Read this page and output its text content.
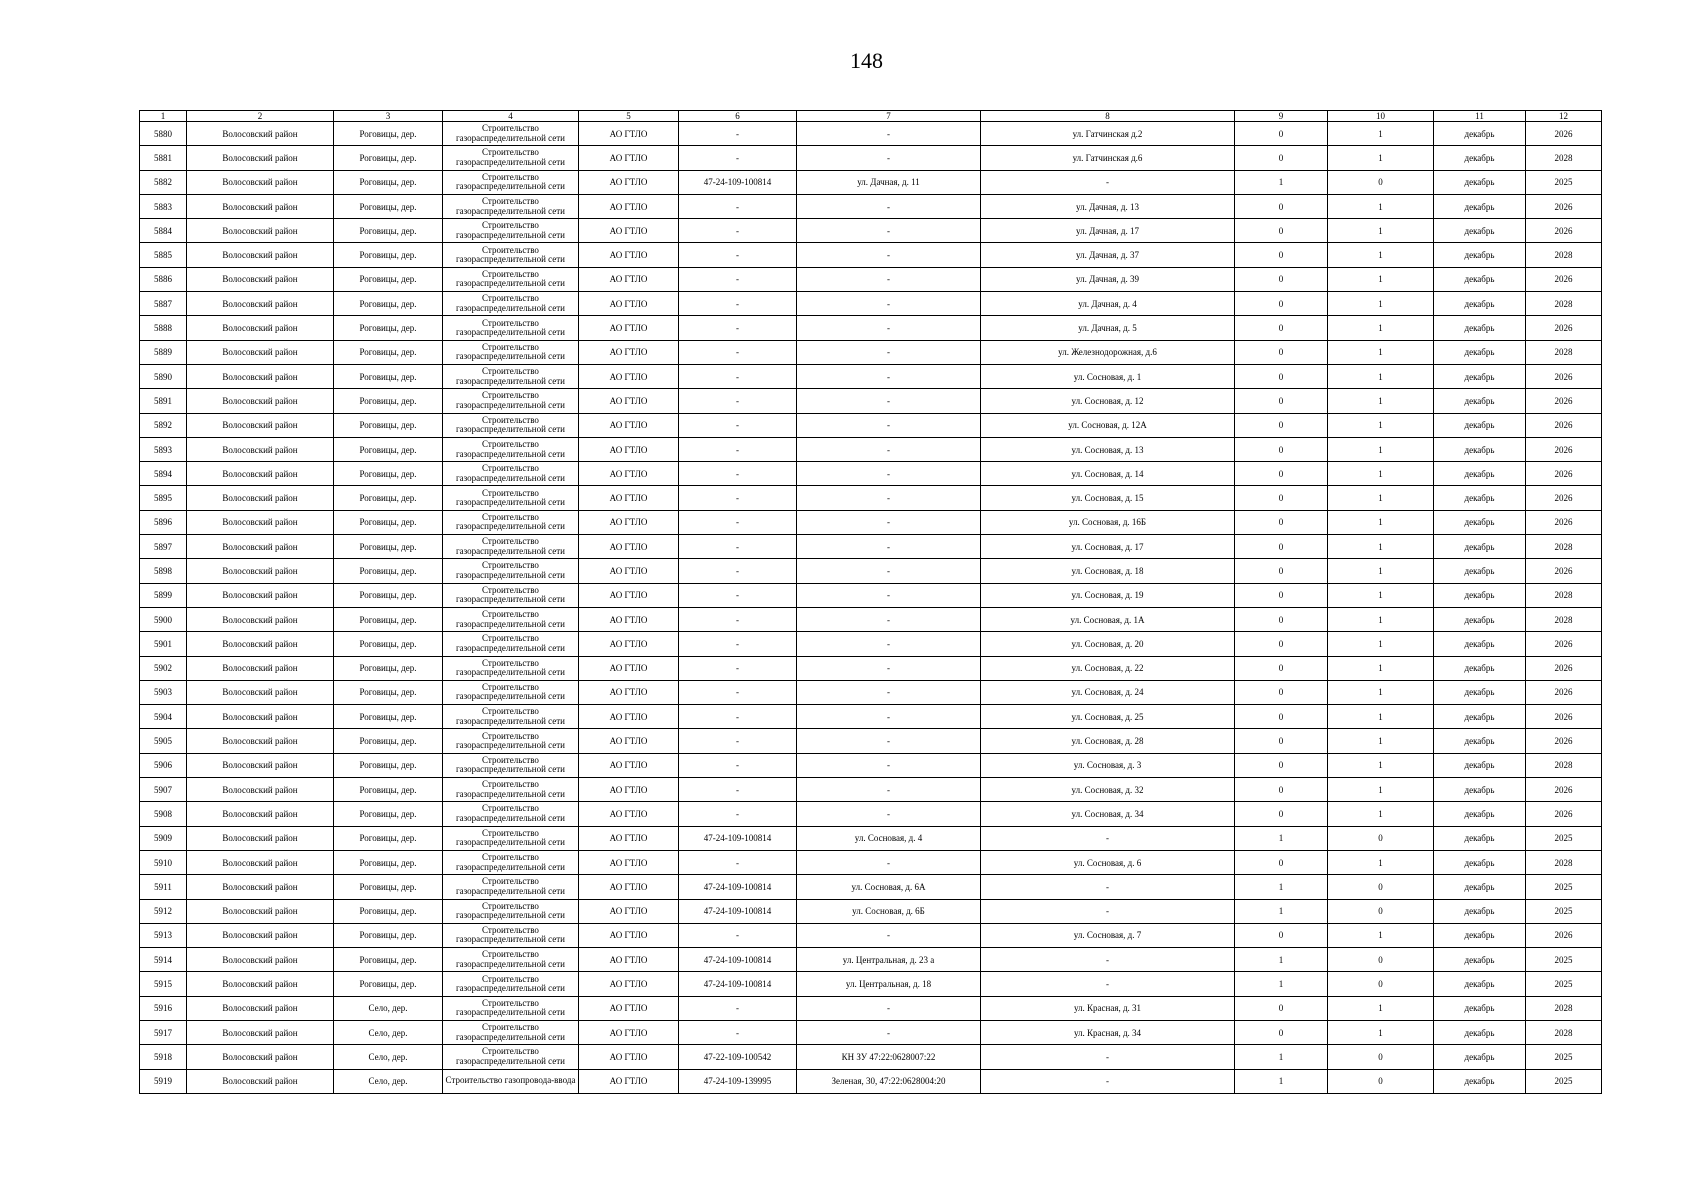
148
1	2	3	4	5	6	7	8	9	10	11	12
5880	Волосовский район	Роговицы, дер.	Строительство газораспределительной сети	АО ГТЛО	-	-	ул. Гатчинская д.2	0	1	декабрь	2026
5881	Волосовский район	Роговицы, дер.	Строительство газораспределительной сети	АО ГТЛО	-	-	ул. Гатчинская д.6	0	1	декабрь	2028
5882	Волосовский район	Роговицы, дер.	Строительство газораспределительной сети	АО ГТЛО	47-24-109-100814	ул. Дачная, д. 11	-	1	0	декабрь	2025
5883	Волосовский район	Роговицы, дер.	Строительство газораспределительной сети	АО ГТЛО	-	-	ул. Дачная, д. 13	0	1	декабрь	2026
5884	Волосовский район	Роговицы, дер.	Строительство газораспределительной сети	АО ГТЛО	-	-	ул. Дачная, д. 17	0	1	декабрь	2026
5885	Волосовский район	Роговицы, дер.	Строительство газораспределительной сети	АО ГТЛО	-	-	ул. Дачная, д. 37	0	1	декабрь	2028
5886	Волосовский район	Роговицы, дер.	Строительство газораспределительной сети	АО ГТЛО	-	-	ул. Дачная, д. 39	0	1	декабрь	2026
5887	Волосовский район	Роговицы, дер.	Строительство газораспределительной сети	АО ГТЛО	-	-	ул. Дачная, д. 4	0	1	декабрь	2028
5888	Волосовский район	Роговицы, дер.	Строительство газораспределительной сети	АО ГТЛО	-	-	ул. Дачная, д. 5	0	1	декабрь	2026
5889	Волосовский район	Роговицы, дер.	Строительство газораспределительной сети	АО ГТЛО	-	-	ул. Железнодорожная, д.6	0	1	декабрь	2028
5890	Волосовский район	Роговицы, дер.	Строительство газораспределительной сети	АО ГТЛО	-	-	ул. Сосновая, д. 1	0	1	декабрь	2026
5891	Волосовский район	Роговицы, дер.	Строительство газораспределительной сети	АО ГТЛО	-	-	ул. Сосновая, д. 12	0	1	декабрь	2026
5892	Волосовский район	Роговицы, дер.	Строительство газораспределительной сети	АО ГТЛО	-	-	ул. Сосновая, д. 12А	0	1	декабрь	2026
5893	Волосовский район	Роговицы, дер.	Строительство газораспределительной сети	АО ГТЛО	-	-	ул. Сосновая, д. 13	0	1	декабрь	2026
5894	Волосовский район	Роговицы, дер.	Строительство газораспределительной сети	АО ГТЛО	-	-	ул. Сосновая, д. 14	0	1	декабрь	2026
5895	Волосовский район	Роговицы, дер.	Строительство газораспределительной сети	АО ГТЛО	-	-	ул. Сосновая, д. 15	0	1	декабрь	2026
5896	Волосовский район	Роговицы, дер.	Строительство газораспределительной сети	АО ГТЛО	-	-	ул. Сосновая, д. 16Б	0	1	декабрь	2026
5897	Волосовский район	Роговицы, дер.	Строительство газораспределительной сети	АО ГТЛО	-	-	ул. Сосновая, д. 17	0	1	декабрь	2028
5898	Волосовский район	Роговицы, дер.	Строительство газораспределительной сети	АО ГТЛО	-	-	ул. Сосновая, д. 18	0	1	декабрь	2026
5899	Волосовский район	Роговицы, дер.	Строительство газораспределительной сети	АО ГТЛО	-	-	ул. Сосновая, д. 19	0	1	декабрь	2028
5900	Волосовский район	Роговицы, дер.	Строительство газораспределительной сети	АО ГТЛО	-	-	ул. Сосновая, д. 1А	0	1	декабрь	2028
5901	Волосовский район	Роговицы, дер.	Строительство газораспределительной сети	АО ГТЛО	-	-	ул. Сосновая, д. 20	0	1	декабрь	2026
5902	Волосовский район	Роговицы, дер.	Строительство газораспределительной сети	АО ГТЛО	-	-	ул. Сосновая, д. 22	0	1	декабрь	2026
5903	Волосовский район	Роговицы, дер.	Строительство газораспределительной сети	АО ГТЛО	-	-	ул. Сосновая, д. 24	0	1	декабрь	2026
5904	Волосовский район	Роговицы, дер.	Строительство газораспределительной сети	АО ГТЛО	-	-	ул. Сосновая, д. 25	0	1	декабрь	2026
5905	Волосовский район	Роговицы, дер.	Строительство газораспределительной сети	АО ГТЛО	-	-	ул. Сосновая, д. 28	0	1	декабрь	2026
5906	Волосовский район	Роговицы, дер.	Строительство газораспределительной сети	АО ГТЛО	-	-	ул. Сосновая, д. 3	0	1	декабрь	2028
5907	Волосовский район	Роговицы, дер.	Строительство газораспределительной сети	АО ГТЛО	-	-	ул. Сосновая, д. 32	0	1	декабрь	2026
5908	Волосовский район	Роговицы, дер.	Строительство газораспределительной сети	АО ГТЛО	-	-	ул. Сосновая, д. 34	0	1	декабрь	2026
5909	Волосовский район	Роговицы, дер.	Строительство газораспределительной сети	АО ГТЛО	47-24-109-100814	ул. Сосновая, д. 4	-	1	0	декабрь	2025
5910	Волосовский район	Роговицы, дер.	Строительство газораспределительной сети	АО ГТЛО	-	-	ул. Сосновая, д. 6	0	1	декабрь	2028
5911	Волосовский район	Роговицы, дер.	Строительство газораспределительной сети	АО ГТЛО	47-24-109-100814	ул. Сосновая, д. 6А	-	1	0	декабрь	2025
5912	Волосовский район	Роговицы, дер.	Строительство газораспределительной сети	АО ГТЛО	47-24-109-100814	ул. Сосновая, д. 6Б	-	1	0	декабрь	2025
5913	Волосовский район	Роговицы, дер.	Строительство газораспределительной сети	АО ГТЛО	-	-	ул. Сосновая, д. 7	0	1	декабрь	2026
5914	Волосовский район	Роговицы, дер.	Строительство газораспределительной сети	АО ГТЛО	47-24-109-100814	ул. Центральная, д. 23 а	-	1	0	декабрь	2025
5915	Волосовский район	Роговицы, дер.	Строительство газораспределительной сети	АО ГТЛО	47-24-109-100814	ул. Центральная, д. 18	-	1	0	декабрь	2025
5916	Волосовский район	Село, дер.	Строительство газораспределительной сети	АО ГТЛО	-	-	ул. Красная, д. 31	0	1	декабрь	2028
5917	Волосовский район	Село, дер.	Строительство газораспределительной сети	АО ГТЛО	-	-	ул. Красная, д. 34	0	1	декабрь	2028
5918	Волосовский район	Село, дер.	Строительство газораспределительной сети	АО ГТЛО	47-22-109-100542	КН ЗУ 47:22:0628007:22	-	1	0	декабрь	2025
5919	Волосовский район	Село, дер.	Строительство газопровода-ввода	АО ГТЛО	47-24-109-139995	Зеленая, 30, 47:22:0628004:20	-	1	0	декабрь	2025
